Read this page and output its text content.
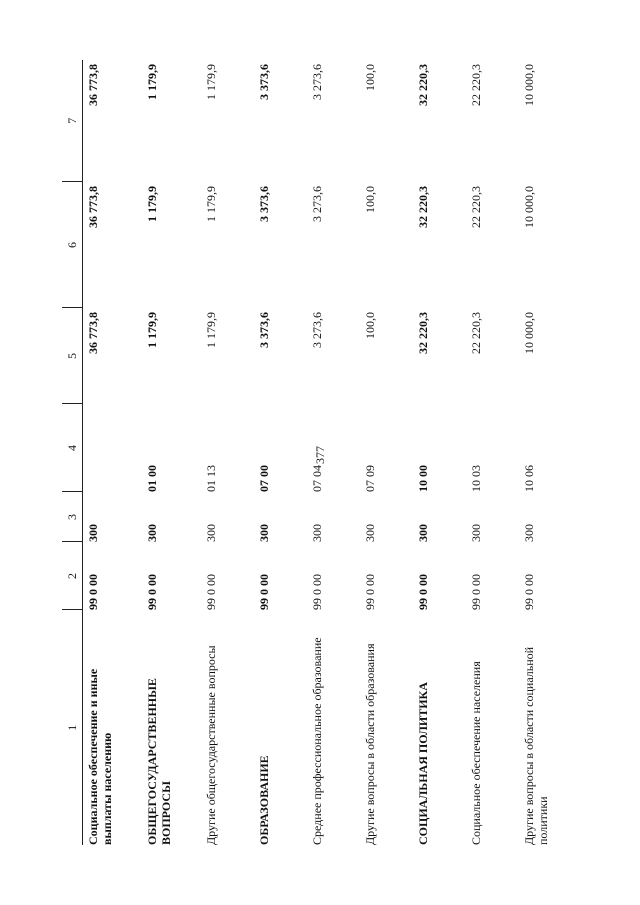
377
1	2	3	4	5	6	7
Социальное обеспечение и иные выплаты населению	99 0 00	300		36 773,8	36 773,8	36 773,8
ОБЩЕГОСУДАРСТВЕННЫЕ ВОПРОСЫ	99 0 00	300	01 00	1 179,9	1 179,9	1 179,9
Другие общегосударственные вопросы	99 0 00	300	01 13	1 179,9	1 179,9	1 179,9
ОБРАЗОВАНИЕ	99 0 00	300	07 00	3 373,6	3 373,6	3 373,6
Среднее профессиональное образование	99 0 00	300	07 04	3 273,6	3 273,6	3 273,6
Другие вопросы в области образования	99 0 00	300	07 09	100,0	100,0	100,0
СОЦИАЛЬНАЯ ПОЛИТИКА	99 0 00	300	10 00	32 220,3	32 220,3	32 220,3
Социальное обеспечение населения	99 0 00	300	10 03	22 220,3	22 220,3	22 220,3
Другие вопросы в области социальной политики	99 0 00	300	10 06	10 000,0	10 000,0	10 000,0
